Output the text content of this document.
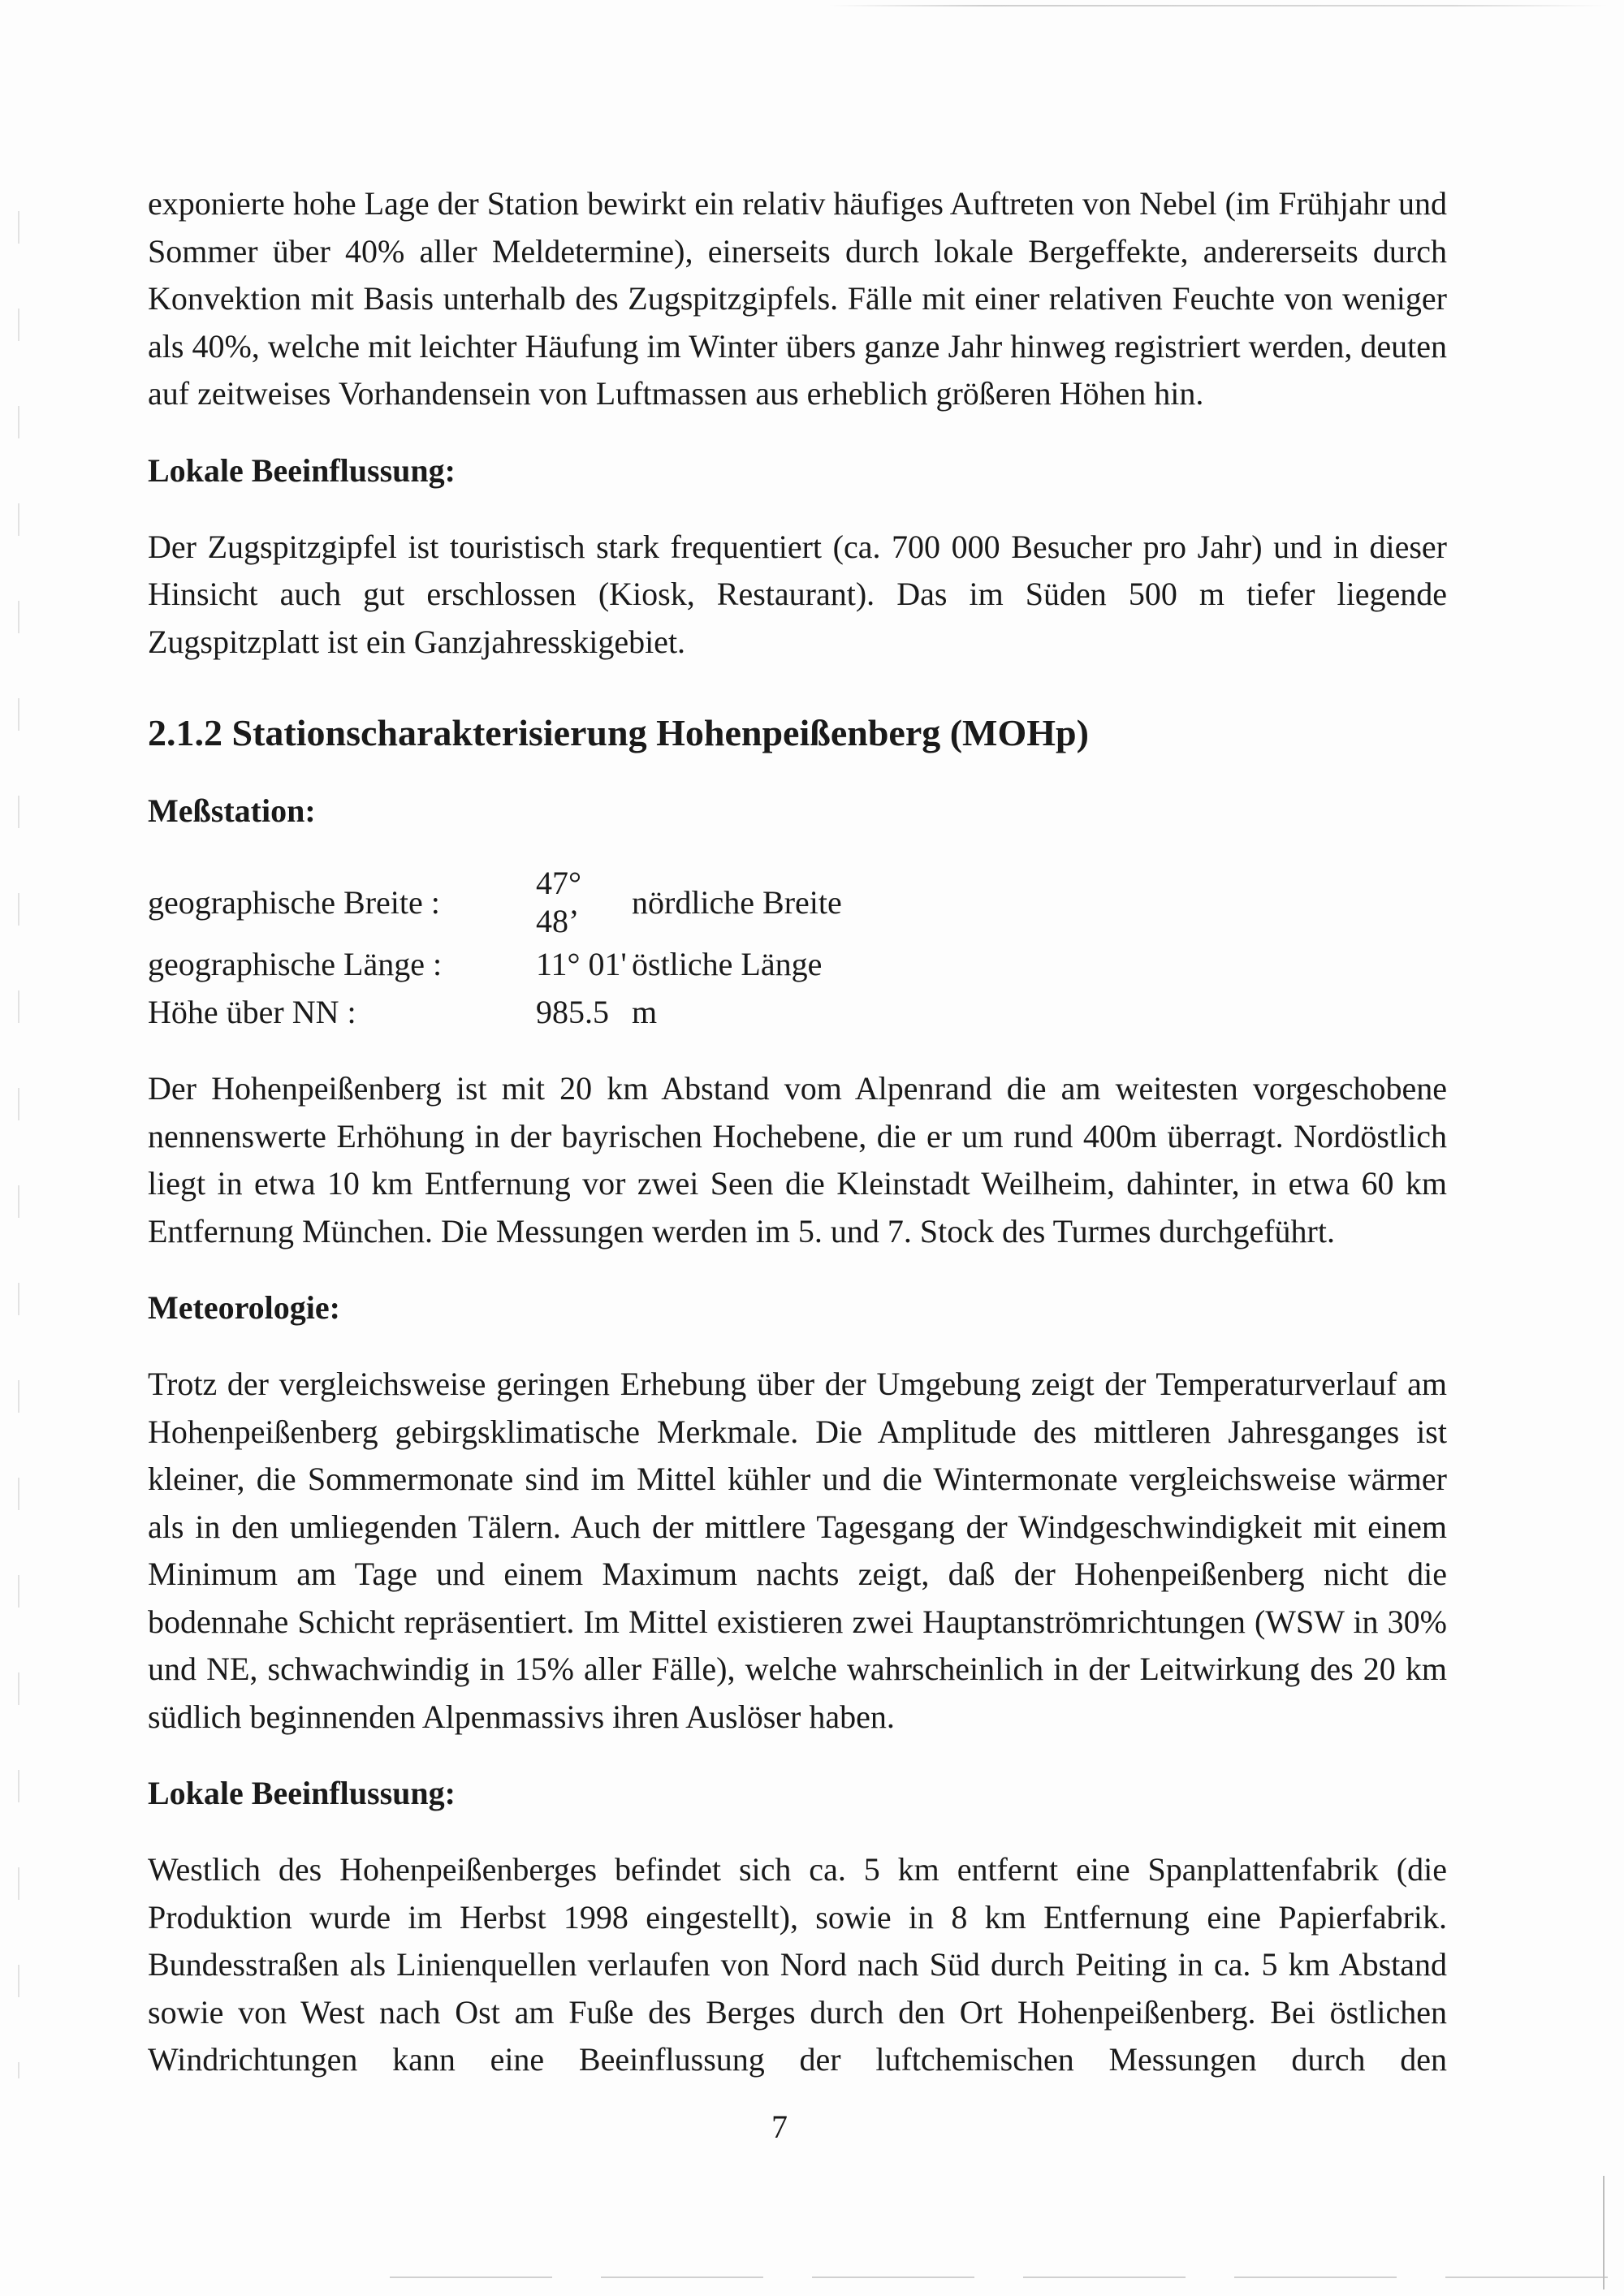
exponierte hohe Lage der Station bewirkt ein relativ häufiges Auftreten von Nebel (im Frühjahr und Sommer über 40% aller Meldetermine), einerseits durch lokale Bergeffekte, andererseits durch Konvektion mit Basis unterhalb des Zugspitzgipfels. Fälle mit einer relativen Feuchte von weniger als 40%, welche mit leichter Häufung im Winter übers ganze Jahr hinweg registriert werden, deuten auf zeitweises Vorhandensein von Luftmassen aus erheblich größeren Höhen hin.

Lokale Beeinflussung:

Der Zugspitzgipfel ist touristisch stark frequentiert (ca. 700 000 Besucher pro Jahr) und in dieser Hinsicht auch gut erschlossen (Kiosk, Restaurant). Das im Süden 500 m tiefer liegende Zugspitzplatt ist ein Ganzjahresskigebiet.

2.1.2 Stationscharakterisierung Hohenpeißenberg (MOHp)
Meßstation:
geographische Breite :	47° 48’	nördliche Breite
geographische Länge :	11° 01'	östliche Länge
Höhe über NN :	985.5	m

Der Hohenpeißenberg ist mit 20 km Abstand vom Alpenrand die am weitesten vorgeschobene nennenswerte Erhöhung in der bayrischen Hochebene, die er um rund 400m überragt. Nordöstlich liegt in etwa 10 km Entfernung vor zwei Seen die Kleinstadt Weilheim, dahinter, in etwa 60 km Entfernung München. Die Messungen werden im 5. und 7. Stock des Turmes durchgeführt.

Meteorologie:

Trotz der vergleichsweise geringen Erhebung über der Umgebung zeigt der Temperaturverlauf am Hohenpeißenberg gebirgsklimatische Merkmale. Die Amplitude des mittleren Jahresganges ist kleiner, die Sommermonate sind im Mittel kühler und die Wintermonate vergleichsweise wärmer als in den umliegenden Tälern. Auch der mittlere Tagesgang der Windgeschwindigkeit mit einem Minimum am Tage und einem Maximum nachts zeigt, daß der Hohenpeißenberg nicht die bodennahe Schicht repräsentiert. Im Mittel existieren zwei Hauptanströmrichtungen (WSW in 30% und NE, schwachwindig in 15% aller Fälle), welche wahrscheinlich in der Leitwirkung des 20 km südlich beginnenden Alpenmassivs ihren Auslöser haben.

Lokale Beeinflussung:

Westlich des Hohenpeißenberges befindet sich ca. 5 km entfernt eine Spanplattenfabrik (die Produktion wurde im Herbst 1998 eingestellt), sowie in 8 km Entfernung eine Papierfabrik. Bundesstraßen als Linienquellen verlaufen von Nord nach Süd durch Peiting in ca. 5 km Abstand sowie von West nach Ost am Fuße des Berges durch den Ort Hohenpeißenberg. Bei östlichen Windrichtungen kann eine Beeinflussung der luftchemischen Messungen durch den

7
